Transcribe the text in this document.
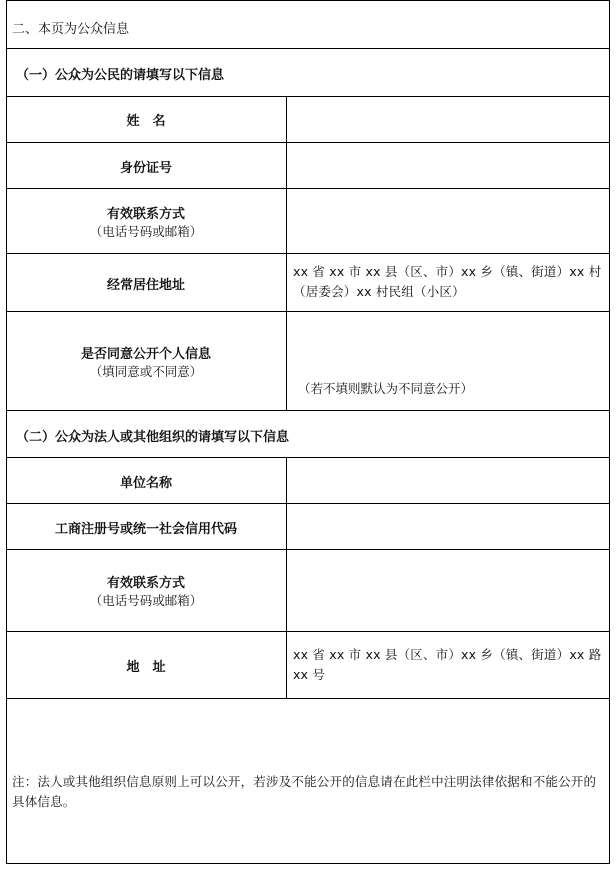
二、本页为公众信息
（一）公众为公民的请填写以下信息
姓　名
身份证号
有效联系方式
（电话号码或邮箱）
经常居住地址
xx 省 xx 市 xx 县（区、市）xx 乡（镇、街道）xx 村（居委会）xx 村民组（小区）
是否同意公开个人信息
（填同意或不同意）
（若不填则默认为不同意公开）
（二）公众为法人或其他组织的请填写以下信息
单位名称
工商注册号或统一社会信用代码
有效联系方式
（电话号码或邮箱）
地　址
xx 省 xx 市 xx 县（区、市）xx 乡（镇、街道）xx 路 xx 号
注：法人或其他组织信息原则上可以公开，若涉及不能公开的信息请在此栏中注明法律依据和不能公开的具体信息。
